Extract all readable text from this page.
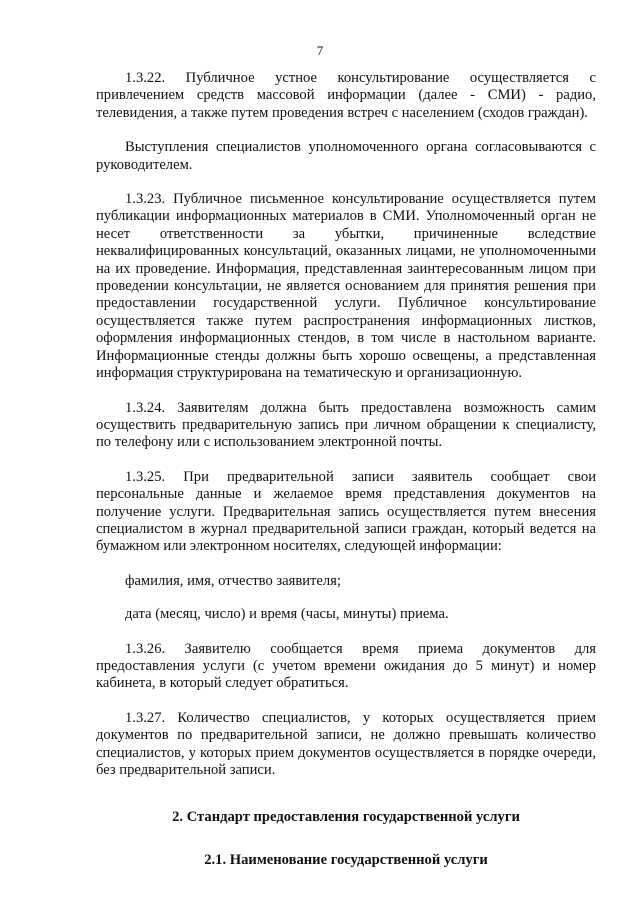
7

1.3.22. Публичное устное консультирование осуществляется с привлечением средств массовой информации (далее - СМИ) - радио, телевидения, а также путем проведения встреч с населением (сходов граждан).

Выступления специалистов уполномоченного органа согласовываются с руководителем.

1.3.23. Публичное письменное консультирование осуществляется путем публикации информационных материалов в СМИ. Уполномоченный орган не несет ответственности за убытки, причиненные вследствие неквалифицированных консультаций, оказанных лицами, не уполномоченными на их проведение. Информация, представленная заинтересованным лицом при проведении консультации, не является основанием для принятия решения при предоставлении государственной услуги. Публичное консультирование осуществляется также путем распространения информационных листков, оформления информационных стендов, в том числе в настольном варианте. Информационные стенды должны быть хорошо освещены, а представленная информация структурирована на тематическую и организационную.

1.3.24. Заявителям должна быть предоставлена возможность самим осуществить предварительную запись при личном обращении к специалисту, по телефону или с использованием электронной почты.

1.3.25. При предварительной записи заявитель сообщает свои персональные данные и желаемое время представления документов на получение услуги. Предварительная запись осуществляется путем внесения специалистом в журнал предварительной записи граждан, который ведется на бумажном или электронном носителях, следующей информации:

фамилия, имя, отчество заявителя;

дата (месяц, число) и время (часы, минуты) приема.

1.3.26. Заявителю сообщается время приема документов для предоставления услуги (с учетом времени ожидания до 5 минут) и номер кабинета, в который следует обратиться.

1.3.27. Количество специалистов, у которых осуществляется прием документов по предварительной записи, не должно превышать количество специалистов, у которых прием документов осуществляется в порядке очереди, без предварительной записи.

2. Стандарт предоставления государственной услуги
2.1. Наименование государственной услуги
